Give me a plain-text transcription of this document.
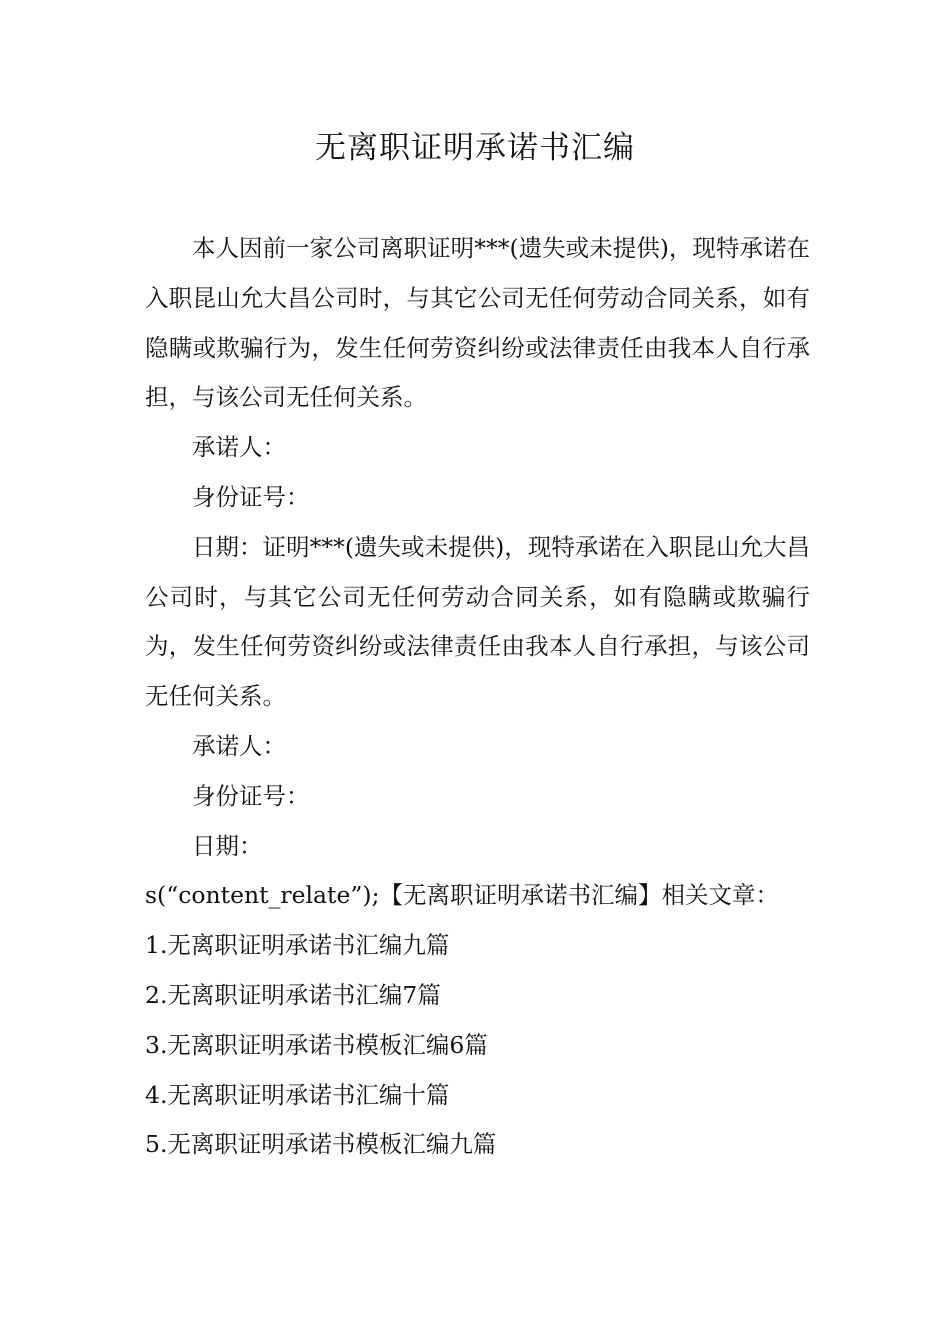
无离职证明承诺书汇编

本人因前一家公司离职证明***(遗失或未提供)，现特承诺在入职昆山允大昌公司时，与其它公司无任何劳动合同关系，如有隐瞒或欺骗行为，发生任何劳资纠纷或法律责任由我本人自行承担，与该公司无任何关系。

承诺人：

身份证号：

日期：证明***(遗失或未提供)，现特承诺在入职昆山允大昌公司时，与其它公司无任何劳动合同关系，如有隐瞒或欺骗行为，发生任何劳资纠纷或法律责任由我本人自行承担，与该公司无任何关系。

承诺人：

身份证号：

日期：

s(“content_relate”);【无离职证明承诺书汇编】相关文章：

1.无离职证明承诺书汇编九篇
2.无离职证明承诺书汇编7篇
3.无离职证明承诺书模板汇编6篇
4.无离职证明承诺书汇编十篇
5.无离职证明承诺书模板汇编九篇
